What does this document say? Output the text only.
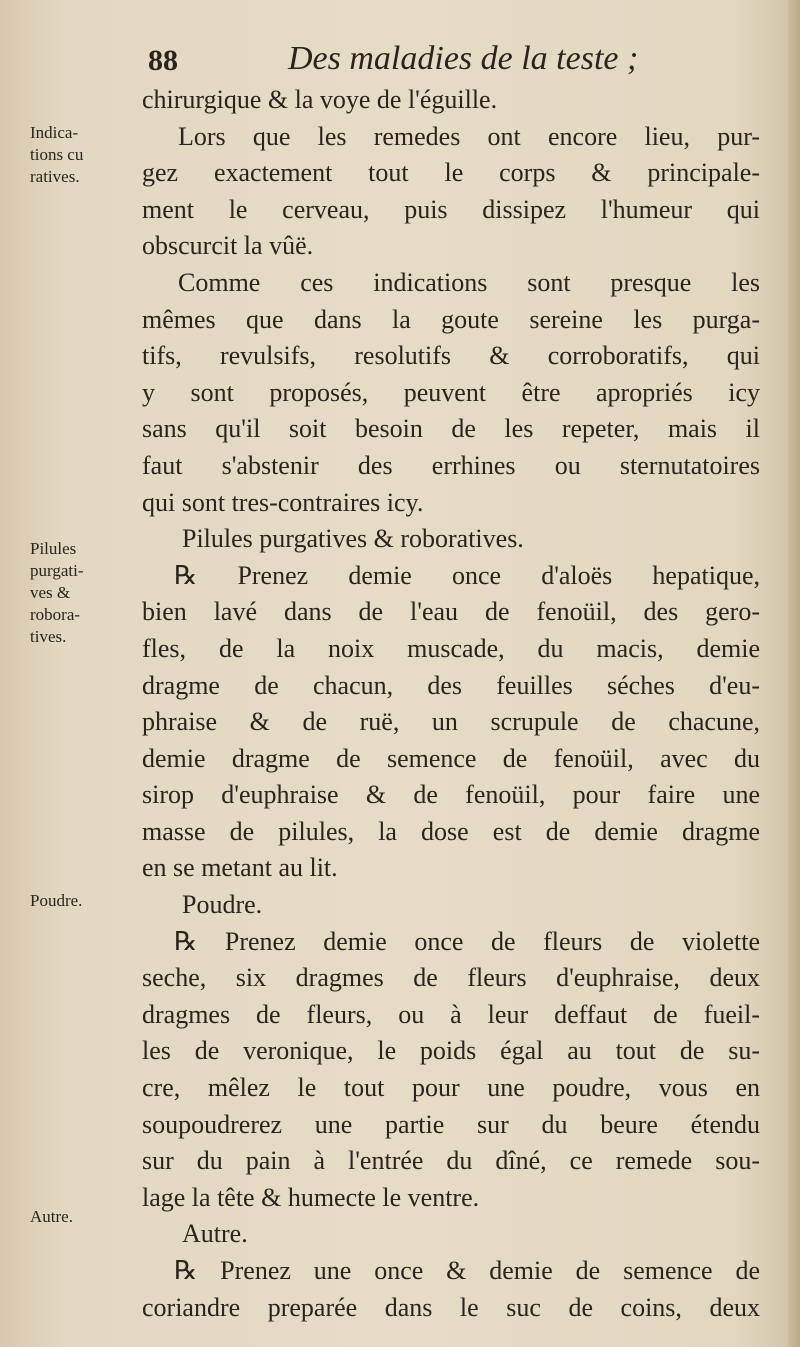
88	Des maladies de la teste ;
Indica-
tions cu
ratives.
Pilules
purgati-
ves &
robora-
tives.
Poudre.
Autre.
chirurgique & la voye de l'éguille.
Lors que les remedes ont encore lieu, pur-
gez exactement tout le corps & principale-
ment le cerveau, puis dissipez l'humeur qui
obscurcit la vûë.
Comme ces indications sont presque les
mêmes que dans la goute sereine les purga-
tifs, revulsifs, resolutifs & corroboratifs, qui
y sont proposés, peuvent être apropriés icy
sans qu'il soit besoin de les repeter, mais il
faut s'abstenir des errhines ou sternutatoires
qui sont tres-contraires icy.
Pilules purgatives & roboratives.
℞ Prenez demie once d'aloës hepatique,
bien lavé dans de l'eau de fenoüil, des gero-
fles, de la noix muscade, du macis, demie
dragme de chacun, des feuilles séches d'eu-
phraise & de ruë, un scrupule de chacune,
demie dragme de semence de fenoüil, avec du
sirop d'euphraise & de fenoüil, pour faire une
masse de pilules, la dose est de demie dragme
en se metant au lit.
Poudre.
℞ Prenez demie once de fleurs de violette
seche, six dragmes de fleurs d'euphraise, deux
dragmes de fleurs, ou à leur deffaut de fueil-
les de veronique, le poids égal au tout de su-
cre, mêlez le tout pour une poudre, vous en
soupoudrerez une partie sur du beure étendu
sur du pain à l'entrée du dîné, ce remede sou-
lage la tête & humecte le ventre.
Autre.
℞ Prenez une once & demie de semence de
coriandre preparée dans le suc de coins, deux
